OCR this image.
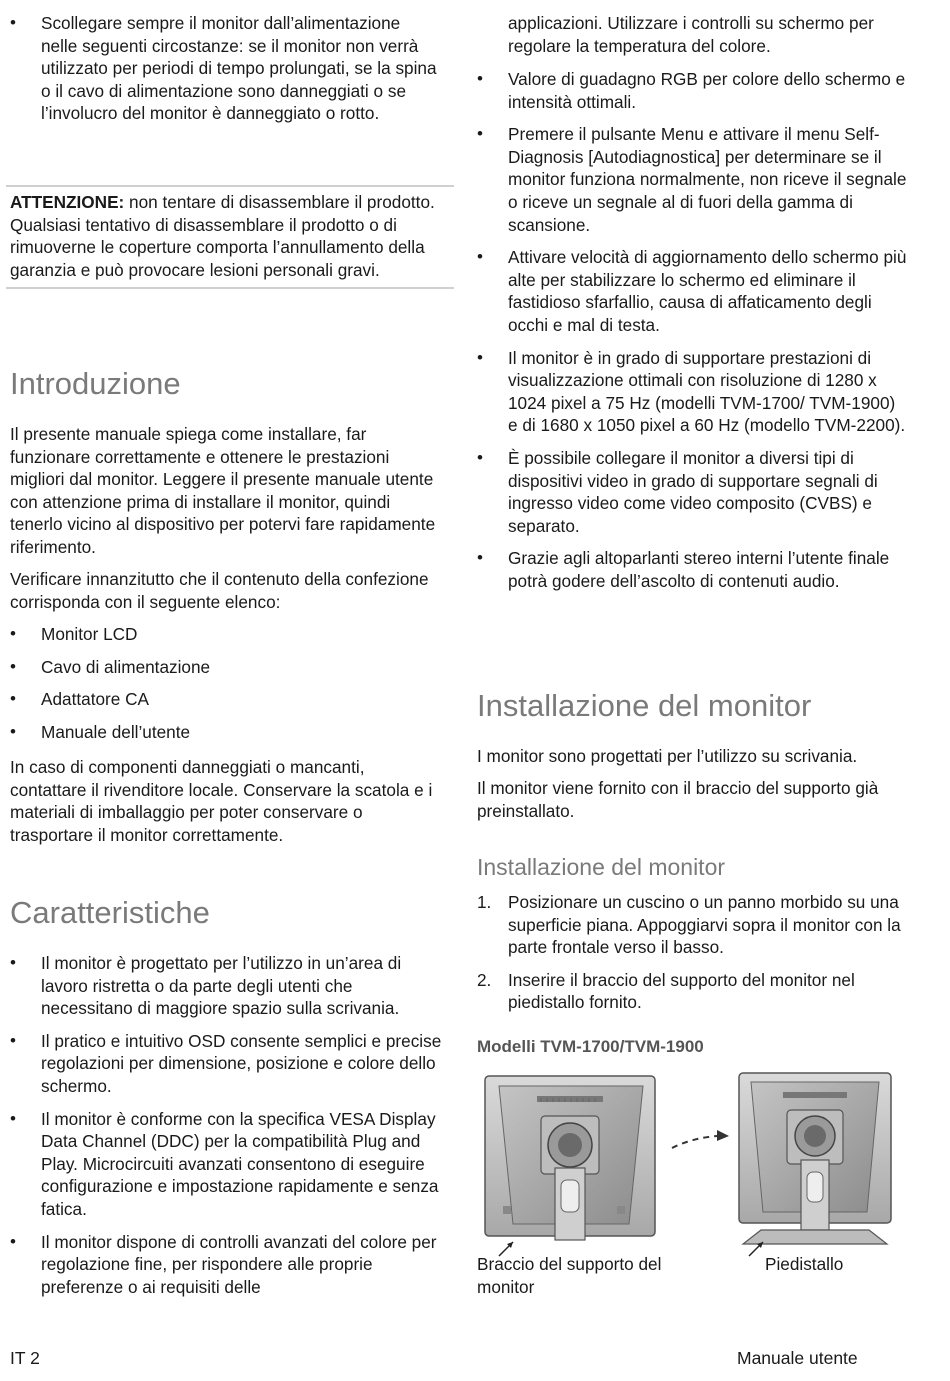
• Scollegare sempre il monitor dall’alimentazione nelle seguenti circostanze: se il monitor non verrà utilizzato per periodi di tempo prolungati, se la spina o il cavo di alimentazione sono danneggiati o se l’involucro del monitor è danneggiato o rotto.

ATTENZIONE: non tentare di disassemblare il prodotto. Qualsiasi tentativo di disassemblare il prodotto o di rimuoverne le coperture comporta l’annullamento della garanzia e può provocare lesioni personali gravi.

Introduzione

Il presente manuale spiega come installare, far funzionare correttamente e ottenere le prestazioni migliori dal monitor. Leggere il presente manuale utente con attenzione prima di installare il monitor, quindi tenerlo vicino al dispositivo per potervi fare rapidamente riferimento.

Verificare innanzitutto che il contenuto della confezione corrisponda con il seguente elenco:

• Monitor LCD
• Cavo di alimentazione
• Adattatore CA
• Manuale dell’utente

In caso di componenti danneggiati o mancanti, contattare il rivenditore locale. Conservare la scatola e i materiali di imballaggio per poter conservare o trasportare il monitor correttamente.

Caratteristiche
• Il monitor è progettato per l’utilizzo in un’area di lavoro ristretta o da parte degli utenti che necessitano di maggiore spazio sulla scrivania.
• Il pratico e intuitivo OSD consente semplici e precise regolazioni per dimensione, posizione e colore dello schermo.
• Il monitor è conforme con la specifica VESA Display Data Channel (DDC) per la compatibilità Plug and Play. Microcircuiti avanzati consentono di eseguire configurazione e impostazione rapidamente e senza fatica.
• Il monitor dispone di controlli avanzati del colore per regolazione fine, per rispondere alle proprie preferenze o ai requisiti delle

applicazioni. Utilizzare i controlli su schermo per regolare la temperatura del colore.

• Valore di guadagno RGB per colore dello schermo e intensità ottimali.
• Premere il pulsante Menu e attivare il menu Self-Diagnosis [Autodiagnostica] per determinare se il monitor funziona normalmente, non riceve il segnale o riceve un segnale al di fuori della gamma di scansione.
• Attivare velocità di aggiornamento dello schermo più alte per stabilizzare lo schermo ed eliminare il fastidioso sfarfallio, causa di affaticamento degli occhi e mal di testa.
• Il monitor è in grado di supportare prestazioni di visualizzazione ottimali con risoluzione di 1280 x 1024 pixel a 75 Hz (modelli TVM-1700/ TVM-1900) e di 1680 x 1050 pixel a 60 Hz (modello TVM-2200).
• È possibile collegare il monitor a diversi tipi di dispositivi video in grado di supportare segnali di ingresso video come video composito (CVBS) e separato.
• Grazie agli altoparlanti stereo interni l’utente finale potrà godere dell’ascolto di contenuti audio.
Installazione del monitor

I monitor sono progettati per l’utilizzo su scrivania.

Il monitor viene fornito con il braccio del supporto già preinstallato.

Installazione del monitor
1. Posizionare un cuscino o un panno morbido su una superficie piana. Appoggiarvi sopra il monitor con la parte frontale verso il basso.
2. Inserire il braccio del supporto del monitor nel piedistallo fornito.

Modelli TVM-1700/TVM-1900

Braccio del supporto del monitor

Piedistallo

IT 2	Manuale utente
